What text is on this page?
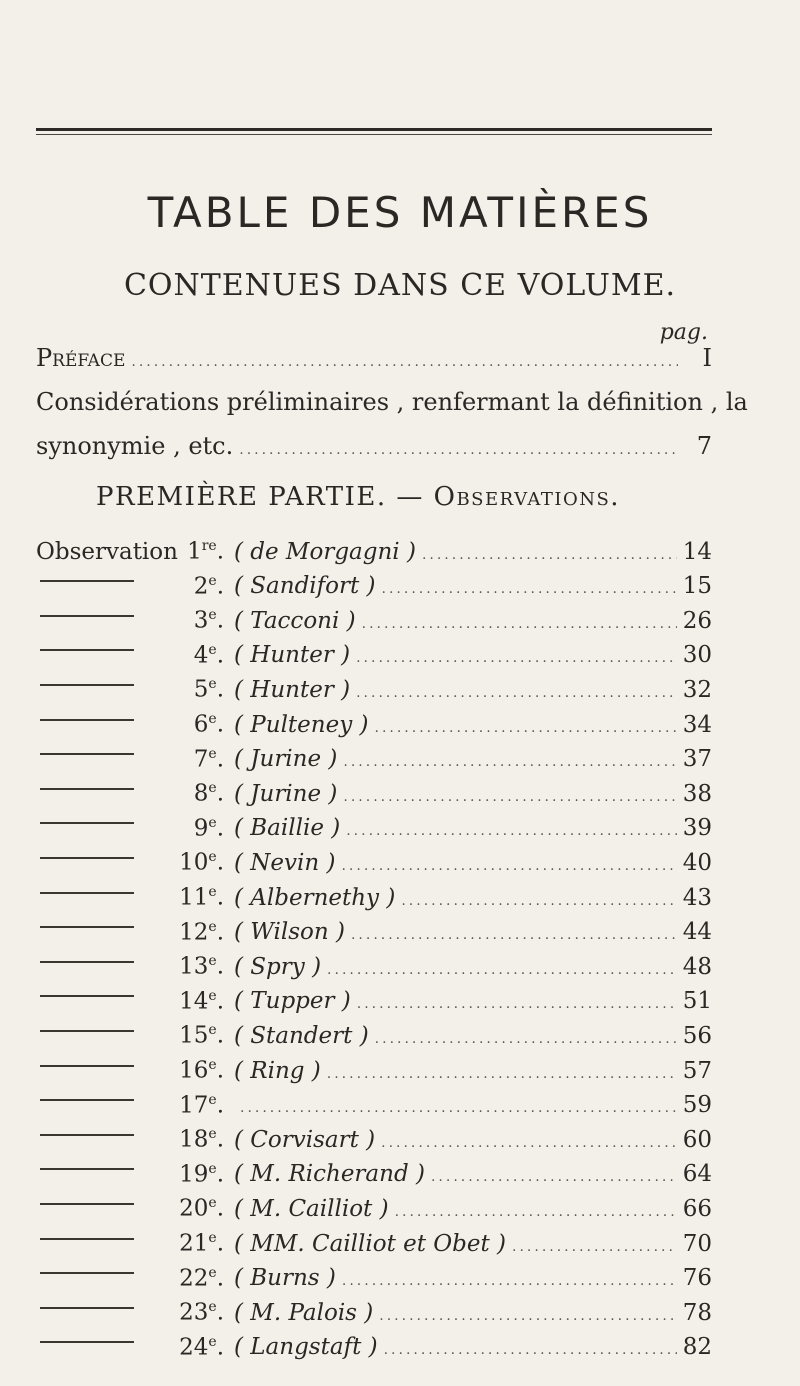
TABLE DES MATIÈRES
CONTENUES DANS CE VOLUME.
pag.
Préface .....	I
Considérations préliminaires , renfermant la définition , la
synonymie , etc. .....	7
PREMIÈRE PARTIE. — Observations.
Observation 1re. ( de Morgagni ) .....	14
2e. ( Sandifort ) .....	15
3e. ( Tacconi ) .....	26
4e. ( Hunter ) .....	30
5e. ( Hunter ) .....	32
6e. ( Pulteney ) .....	34
7e. ( Jurine ) .....	37
8e. ( Jurine ) .....	38
9e. ( Baillie ) .....	39
10e. ( Nevin ) .....	40
11e. ( Albernethy ) .....	43
12e. ( Wilson ) .....	44
13e. ( Spry ) .....	48
14e. ( Tupper ) .....	51
15e. ( Standert ) .....	56
16e. ( Ring ) .....	57
17e. .....	59
18e. ( Corvisart ) .....	60
19e. ( M. Richerand ) .....	64
20e. ( M. Cailliot ) .....	66
21e. ( MM. Cailliot et Obet ) .....	70
22e. ( Burns ) .....	76
23e. ( M. Palois ) .....	78
24e. ( Langstaft ) .....	82
